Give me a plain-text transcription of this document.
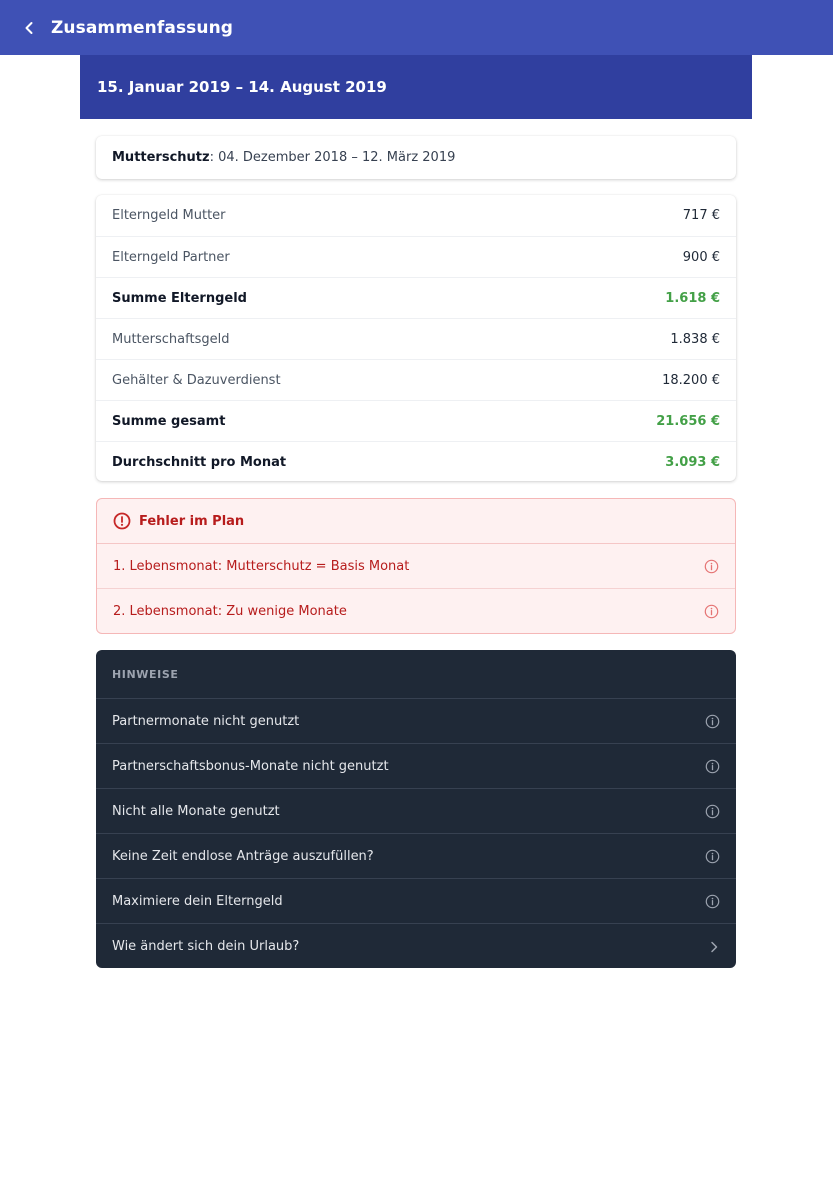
Zusammenfassung
15. Januar 2019 – 14. August 2019
Mutterschutz : 04. Dezember 2018 – 12. März 2019
Elterngeld Mutter	717 €
Elterngeld Partner	900 €
Summe Elterngeld	1.618 €
Mutterschaftsgeld	1.838 €
Gehälter & Dazuverdienst	18.200 €
Summe gesamt	21.656 €
Durchschnitt pro Monat	3.093 €
Fehler im Plan
1. Lebensmonat: Mutterschutz = Basis Monat
2. Lebensmonat: Zu wenige Monate
HINWEISE
Partnermonate nicht genutzt
Partnerschaftsbonus-Monate nicht genutzt
Nicht alle Monate genutzt
Keine Zeit endlose Anträge auszufüllen?
Maximiere dein Elterngeld
Wie ändert sich dein Urlaub?
